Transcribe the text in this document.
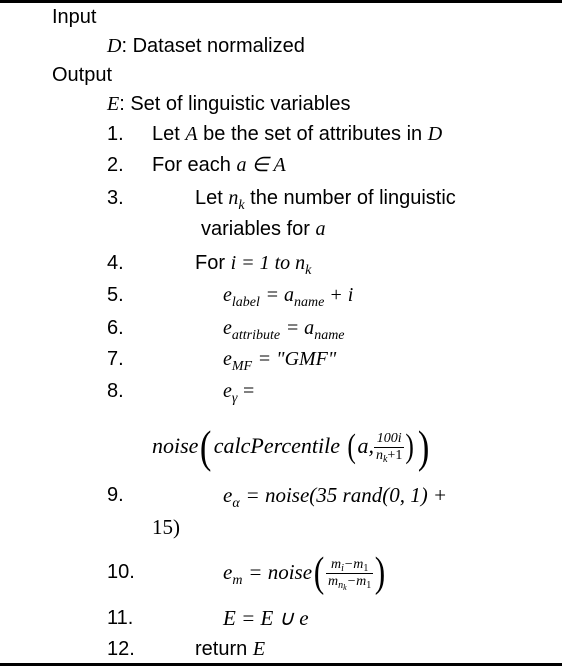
Input
D: Dataset normalized
Output
E: Set of linguistic variables
1. Let A be the set of attributes in D
2. For each a ∈ A
3.	Let $n_k$ the number of linguistic
variables for a
4.	For i = 1 to $n_k$
5.	$e_{label} = a_{name} + i$
6.	$e_{attribute} = a_{name}$
7.	$e_{MF}$ = "GMF"
8.	$e_\gamma$ =
noise(calcPercentile (a, $\frac{100i}{n_k+1}$ ))
9.	$e_\alpha$ = noise(35 rand(0, 1) +
15)
10.	$e_m$ = noise( $\frac{m_i-m_1}{m_{n_k}-m_1}$ )
11.	E = E ∪ e
12.	return E
